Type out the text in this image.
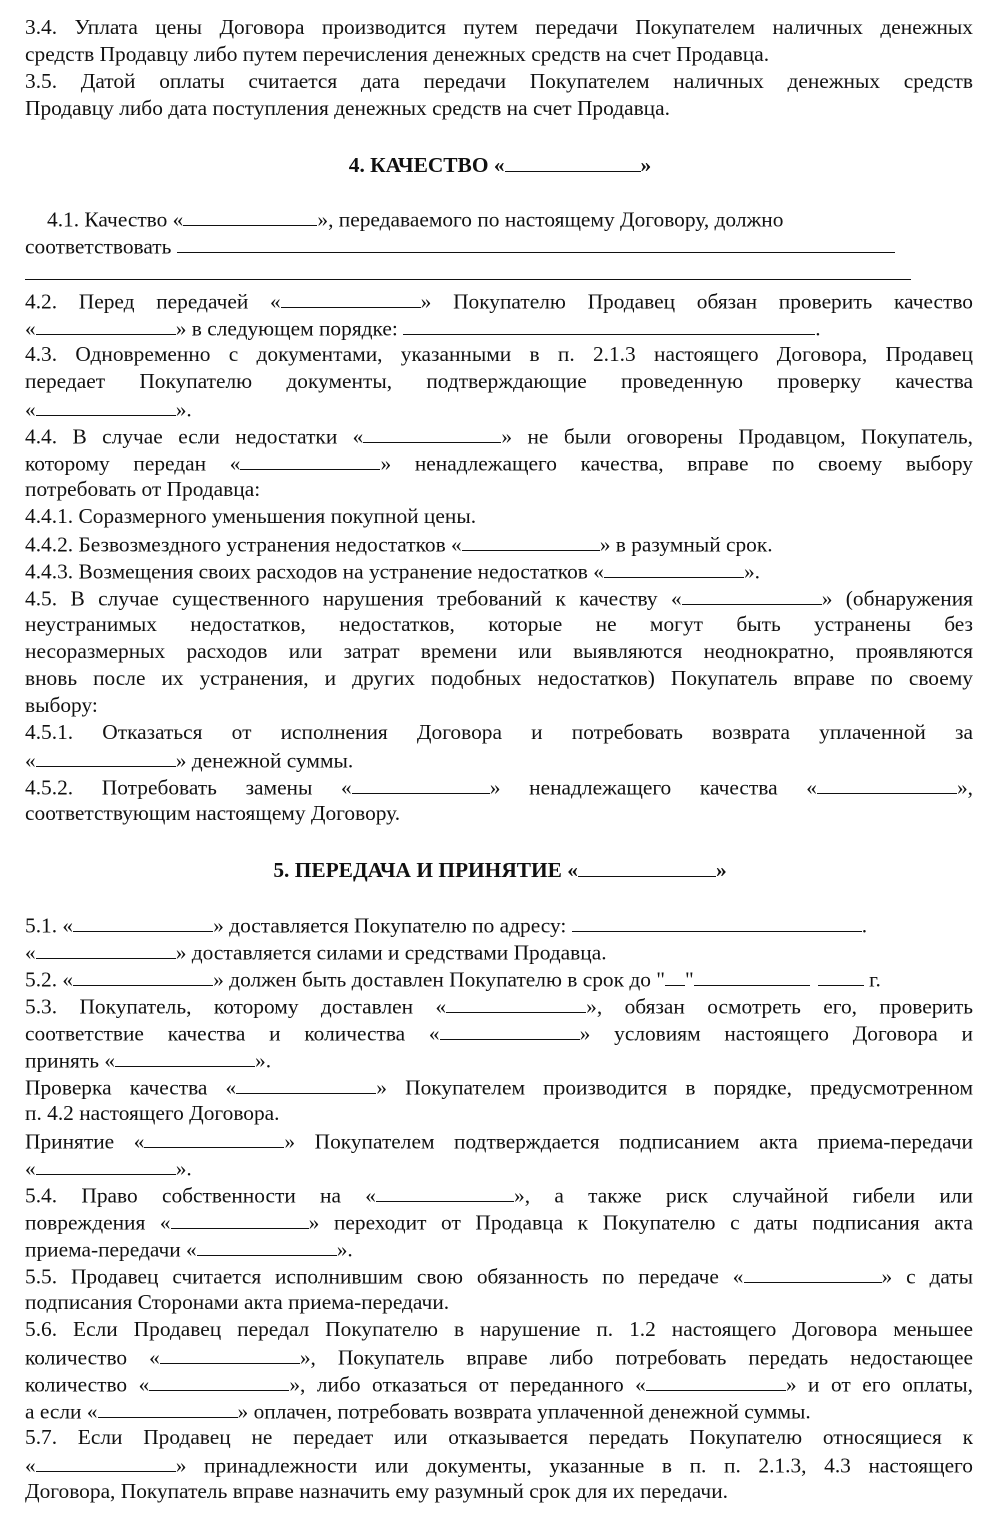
3.4. Уплата цены Договора производится путем передачи Покупателем наличных денежных
средств Продавцу либо путем перечисления денежных средств на счет Продавца.
3.5. Датой оплаты считается дата передачи Покупателем наличных денежных средств
Продавцу либо дата поступления денежных средств на счет Продавца.
4. КАЧЕСТВО «	»
4.1. Качество «	», передаваемого по настоящему Договору, должно
соответствовать
4.2. Перед передачей «	» Покупателю Продавец обязан проверить качество
«	» в следующем порядке:	.
4.3. Одновременно с документами, указанными в п. 2.1.3 настоящего Договора, Продавец
передает Покупателю документы, подтверждающие проведенную проверку качества
«	».
4.4. В случае если недостатки «	» не были оговорены Продавцом, Покупатель,
которому передан «	» ненадлежащего качества, вправе по своему выбору
потребовать от Продавца:
4.4.1. Соразмерного уменьшения покупной цены.
4.4.2. Безвозмездного устранения недостатков «	» в разумный срок.
4.4.3. Возмещения своих расходов на устранение недостатков «	».
4.5. В случае существенного нарушения требований к качеству «	» (обнаружения
неустранимых недостатков, недостатков, которые не могут быть устранены без
несоразмерных расходов или затрат времени или выявляются неоднократно, проявляются
вновь после их устранения, и других подобных недостатков) Покупатель вправе по своему
выбору:
4.5.1. Отказаться от исполнения Договора и потребовать возврата уплаченной за
«	» денежной суммы.
4.5.2. Потребовать замены «	» ненадлежащего качества «	»,
соответствующим настоящему Договору.
5. ПЕРЕДАЧА И ПРИНЯТИЕ «	»
5.1. «	» доставляется Покупателю по адресу:	.
«	» доставляется силами и средствами Продавца.
5.2. «	» должен быть доставлен Покупателю в срок до " "	г.
5.3. Покупатель, которому доставлен «	», обязан осмотреть его, проверить
соответствие качества и количества «	» условиям настоящего Договора и
принять «	».
Проверка качества «	» Покупателем производится в порядке, предусмотренном
п. 4.2 настоящего Договора.
Принятие «	» Покупателем подтверждается подписанием акта приема-передачи
«	».
5.4. Право собственности на «	», а также риск случайной гибели или
повреждения «	» переходит от Продавца к Покупателю с даты подписания акта
приема-передачи «	».
5.5. Продавец считается исполнившим свою обязанность по передаче «	» с даты
подписания Сторонами акта приема-передачи.
5.6. Если Продавец передал Покупателю в нарушение п. 1.2 настоящего Договора меньшее
количество «	», Покупатель вправе либо потребовать передать недостающее
количество «	», либо отказаться от переданного «	» и от его оплаты,
а если «	» оплачен, потребовать возврата уплаченной денежной суммы.
5.7. Если Продавец не передает или отказывается передать Покупателю относящиеся к
«	» принадлежности или документы, указанные в п. п. 2.1.3, 4.3 настоящего
Договора, Покупатель вправе назначить ему разумный срок для их передачи.
